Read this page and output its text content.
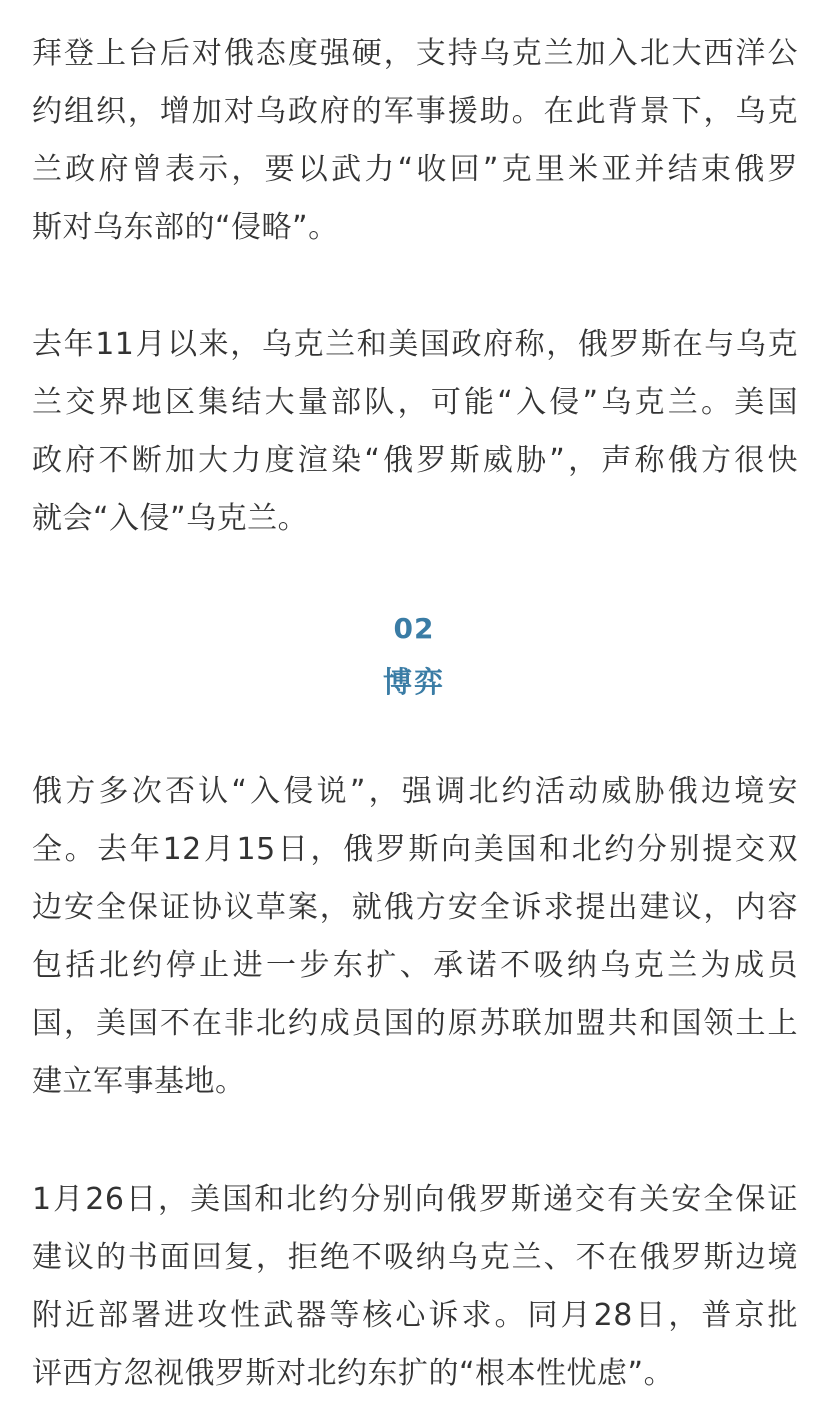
拜登上台后对俄态度强硬，支持乌克兰加入北大西洋公
约组织，增加对乌政府的军事援助。在此背景下，乌克
兰政府曾表示，要以武力“收回”克里米亚并结束俄罗
斯对乌东部的“侵略”。
去年11月以来，乌克兰和美国政府称，俄罗斯在与乌克
兰交界地区集结大量部队，可能“入侵”乌克兰。美国
政府不断加大力度渲染“俄罗斯威胁”，声称俄方很快
就会“入侵”乌克兰。
02
博弈
俄方多次否认“入侵说”，强调北约活动威胁俄边境安
全。去年12月15日，俄罗斯向美国和北约分别提交双
边安全保证协议草案，就俄方安全诉求提出建议，内容
包括北约停止进一步东扩、承诺不吸纳乌克兰为成员
国，美国不在非北约成员国的原苏联加盟共和国领土上
建立军事基地。
1月26日，美国和北约分别向俄罗斯递交有关安全保证
建议的书面回复，拒绝不吸纳乌克兰、不在俄罗斯边境
附近部署进攻性武器等核心诉求。同月28日，普京批
评西方忽视俄罗斯对北约东扩的“根本性忧虑”。
